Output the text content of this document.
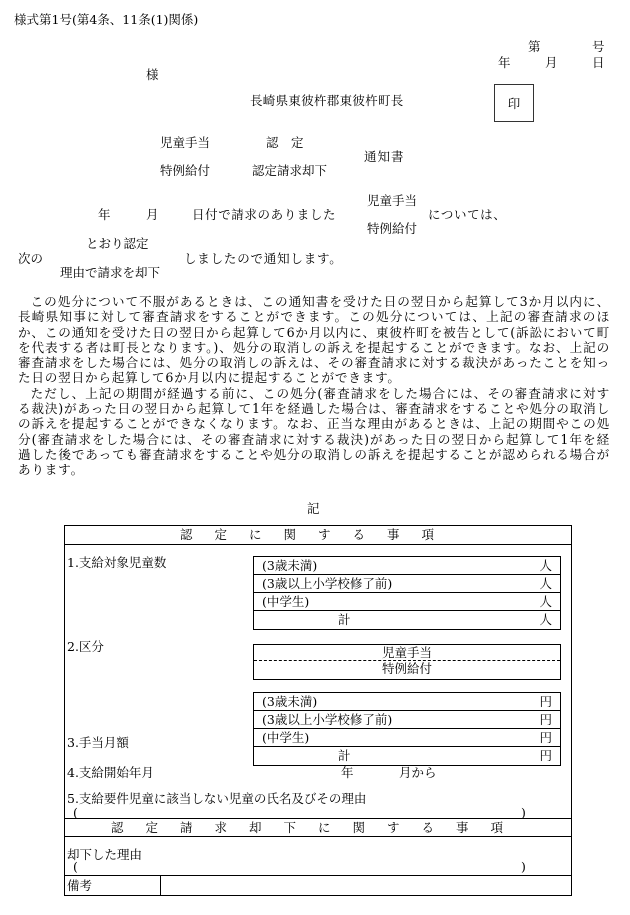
様式第1号(第4条、11条(1)関係)
第	号
年	月	日
様
長崎県東彼杵郡東彼杵町長	印
児童手当	認　定
通知書
特例給付	認定請求却下
児童手当
年	月	日付で請求のありました	については、
特例給付
とおり認定
次の	しましたので通知します。
理由で請求を却下

この処分について不服があるときは、この通知書を受けた日の翌日から起算して3か月以内に、長崎県知事に対して審査請求をすることができます。この処分については、上記の審査請求のほか、この通知を受けた日の翌日から起算して6か月以内に、東彼杵町を被告として(訴訟において町を代表する者は町長となります。)、処分の取消しの訴えを提起することができます。なお、上記の審査請求をした場合には、処分の取消しの訴えは、その審査請求に対する裁決があったことを知った日の翌日から起算して6か月以内に提起することができます。

ただし、上記の期間が経過する前に、この処分(審査請求をした場合には、その審査請求に対する裁決)があった日の翌日から起算して1年を経過した場合は、審査請求をすることや処分の取消しの訴えを提起することができなくなります。なお、正当な理由があるときは、上記の期間やこの処分(審査請求をした場合には、その審査請求に対する裁決)があった日の翌日から起算して1年を経過した後であっても審査請求をすることや処分の取消しの訴えを提起することが認められる場合があります。

記
認定に関する事項
1.支給対象児童数	(3歳未満)	人
(3歳以上小学校修了前)	人
(中学生)	人
計	人
2.区分	児童手当
特例給付
(3歳未満)	円
(3歳以上小学校修了前)	円
(中学生)	円
計	円
3.手当月額
4.支給開始年月	年	月から
5.支給要件児童に該当しない児童の氏名及びその理由
(	)
認定請求却下に関する事項
却下した理由
(	)
備考
